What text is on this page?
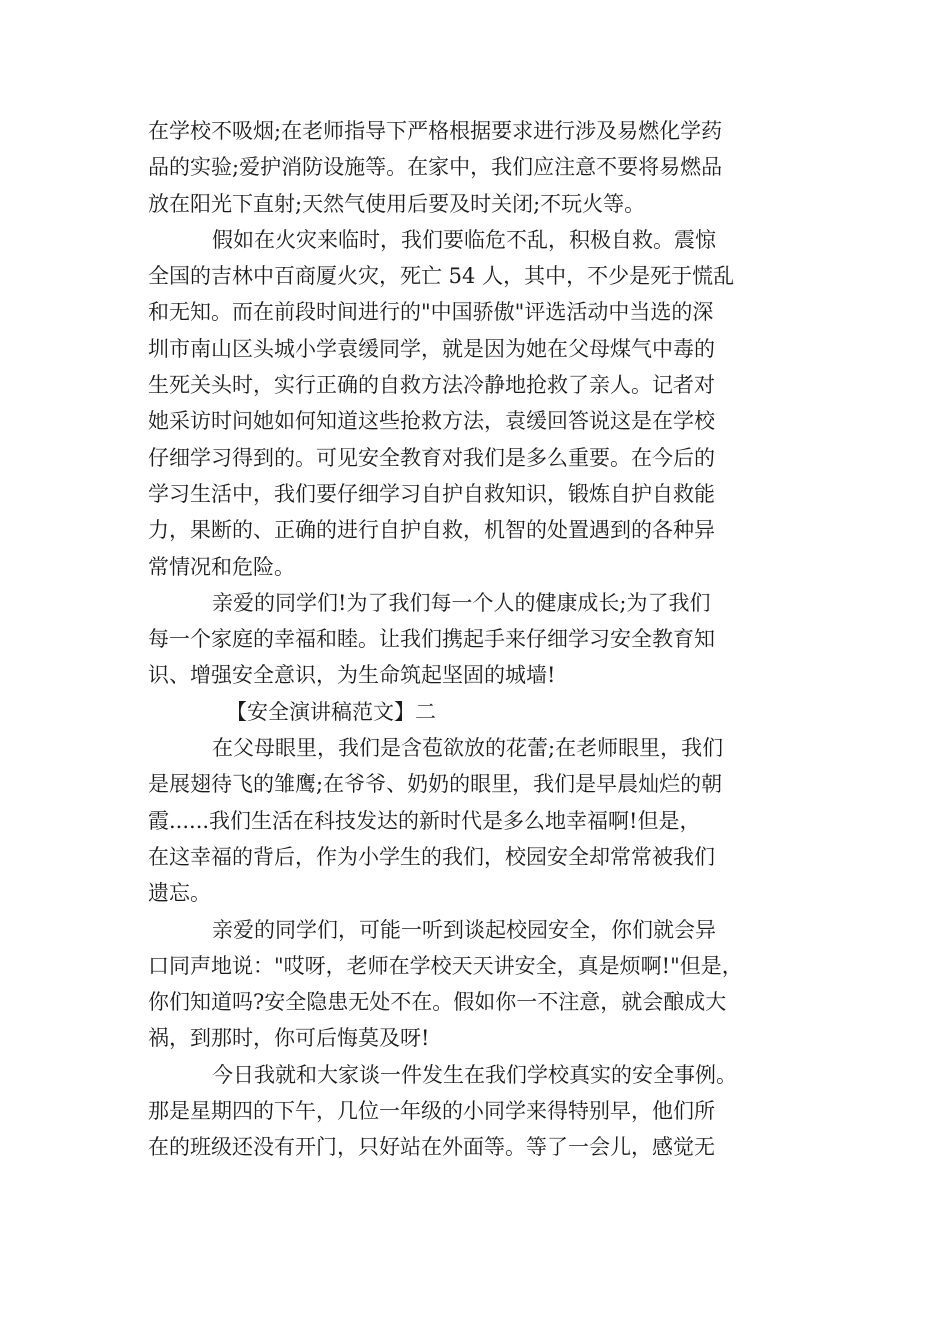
在学校不吸烟;在老师指导下严格根据要求进行涉及易燃化学药
品的实验;爱护消防设施等。在家中，我们应注意不要将易燃品
放在阳光下直射;天然气使用后要及时关闭;不玩火等。
假如在火灾来临时，我们要临危不乱，积极自救。震惊
全国的吉林中百商厦火灾，死亡 54 人，其中，不少是死于慌乱
和无知。而在前段时间进行的"中国骄傲"评选活动中当选的深
圳市南山区头城小学袁缓同学，就是因为她在父母煤气中毒的
生死关头时，实行正确的自救方法冷静地抢救了亲人。记者对
她采访时问她如何知道这些抢救方法，袁缓回答说这是在学校
仔细学习得到的。可见安全教育对我们是多么重要。在今后的
学习生活中，我们要仔细学习自护自救知识，锻炼自护自救能
力，果断的、正确的进行自护自救，机智的处置遇到的各种异
常情况和危险。
亲爱的同学们!为了我们每一个人的健康成长;为了我们
每一个家庭的幸福和睦。让我们携起手来仔细学习安全教育知
识、增强安全意识，为生命筑起坚固的城墙!
【安全演讲稿范文】二
在父母眼里，我们是含苞欲放的花蕾;在老师眼里，我们
是展翅待飞的雏鹰;在爷爷、奶奶的眼里，我们是早晨灿烂的朝
霞......我们生活在科技发达的新时代是多么地幸福啊!但是，
在这幸福的背后，作为小学生的我们，校园安全却常常被我们
遗忘。
亲爱的同学们，可能一听到谈起校园安全，你们就会异
口同声地说："哎呀，老师在学校天天讲安全，真是烦啊!"但是，
你们知道吗?安全隐患无处不在。假如你一不注意，就会酿成大
祸，到那时，你可后悔莫及呀!
今日我就和大家谈一件发生在我们学校真实的安全事例。
那是星期四的下午，几位一年级的小同学来得特别早，他们所
在的班级还没有开门，只好站在外面等。等了一会儿，感觉无
